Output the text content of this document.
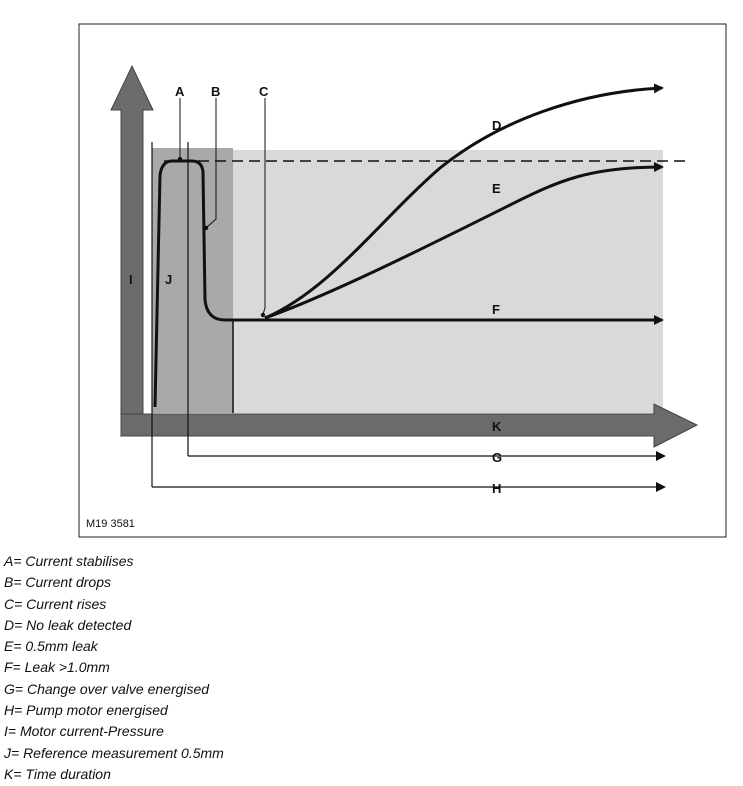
A B	C
D
E
F
I J
K
G
H
M19 3581
A= Current stabilises
B= Current drops
C= Current rises
D= No leak detected
E= 0.5mm leak
F= Leak >1.0mm
G= Change over valve energised
H= Pump motor energised
I= Motor current-Pressure
J= Reference measurement 0.5mm
K= Time duration
